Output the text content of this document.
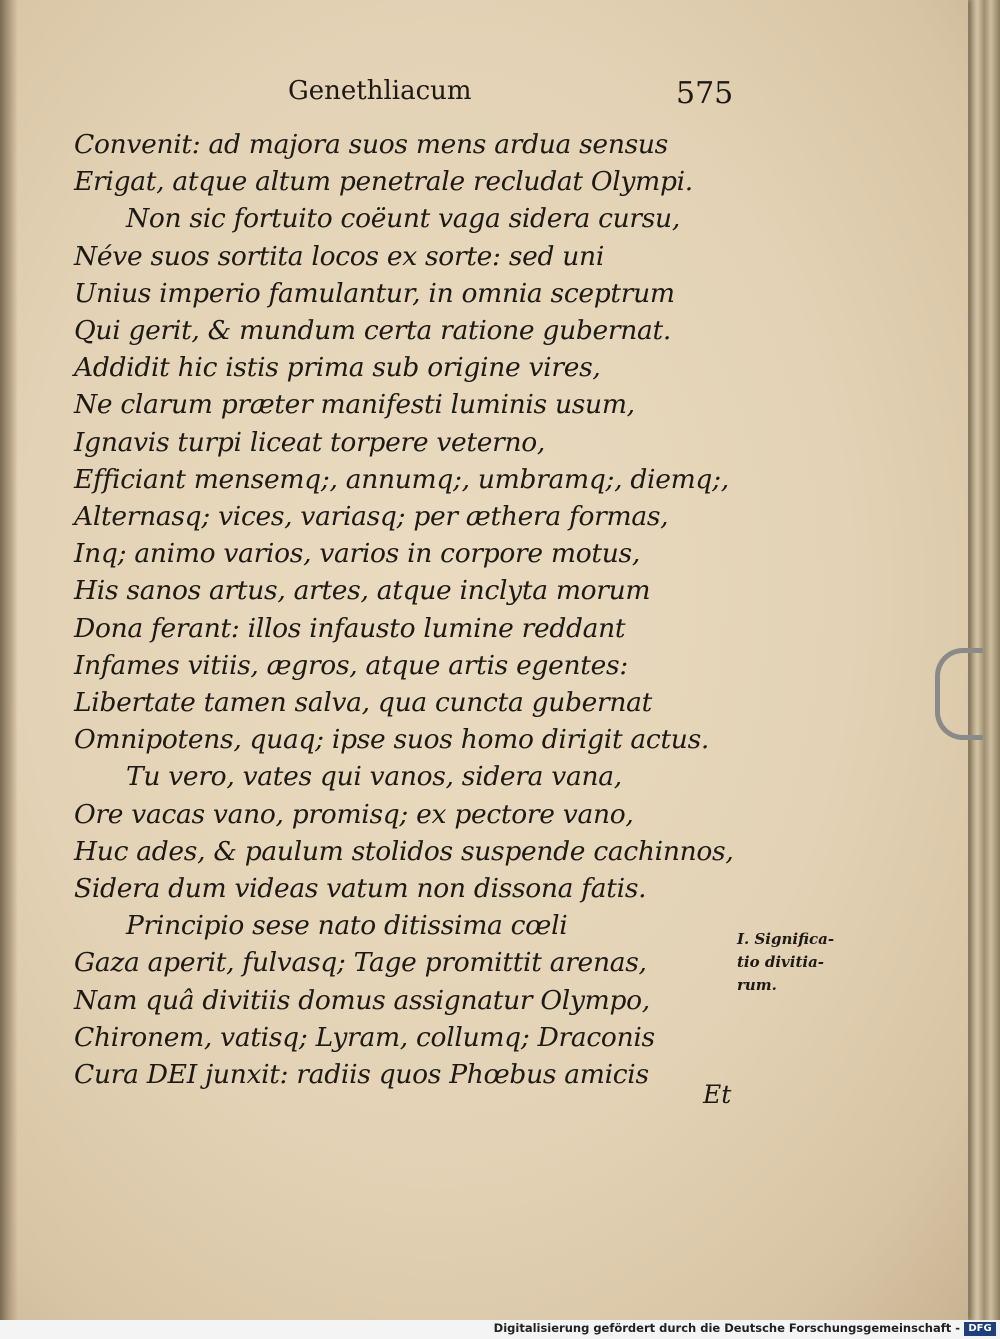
Genethliacum	575
Convenit: ad majora suos mens ardua sensus
Erigat, atque altum penetrale recludat Olympi.
Non sic fortuito coëunt vaga sidera cursu,
Néve suos sortita locos ex sorte: sed uni
Unius imperio famulantur, in omnia sceptrum
Qui gerit, & mundum certa ratione gubernat.
Addidit hic istis prima sub origine vires,
Ne clarum præter manifesti luminis usum,
Ignavis turpi liceat torpere veterno,
Efficiant mensemq;, annumq;, umbramq;, diemq;,
Alternasq; vices, variasq; per æthera formas,
Inq; animo varios, varios in corpore motus,
His sanos artus, artes, atque inclyta morum
Dona ferant: illos infausto lumine reddant
Infames vitiis, ægros, atque artis egentes:
Libertate tamen salva, qua cuncta gubernat
Omnipotens, quaq; ipse suos homo dirigit actus.
Tu vero, vates qui vanos, sidera vana,
Ore vacas vano, promisq; ex pectore vano,
Huc ades, & paulum stolidos suspende cachinnos,
Sidera dum videas vatum non dissona fatis.
Principio sese nato ditissima cœli
Gaza aperit, fulvasq; Tage promittit arenas,
Nam quâ divitiis domus assignatur Olympo,
Chironem, vatisq; Lyram, collumq; Draconis
Cura DEI junxit: radiis quos Phœbus amicis
I. Significa-
tio divitia-
rum.
Et
Digitalisierung gefördert durch die Deutsche Forschungsgemeinschaft - DFG
